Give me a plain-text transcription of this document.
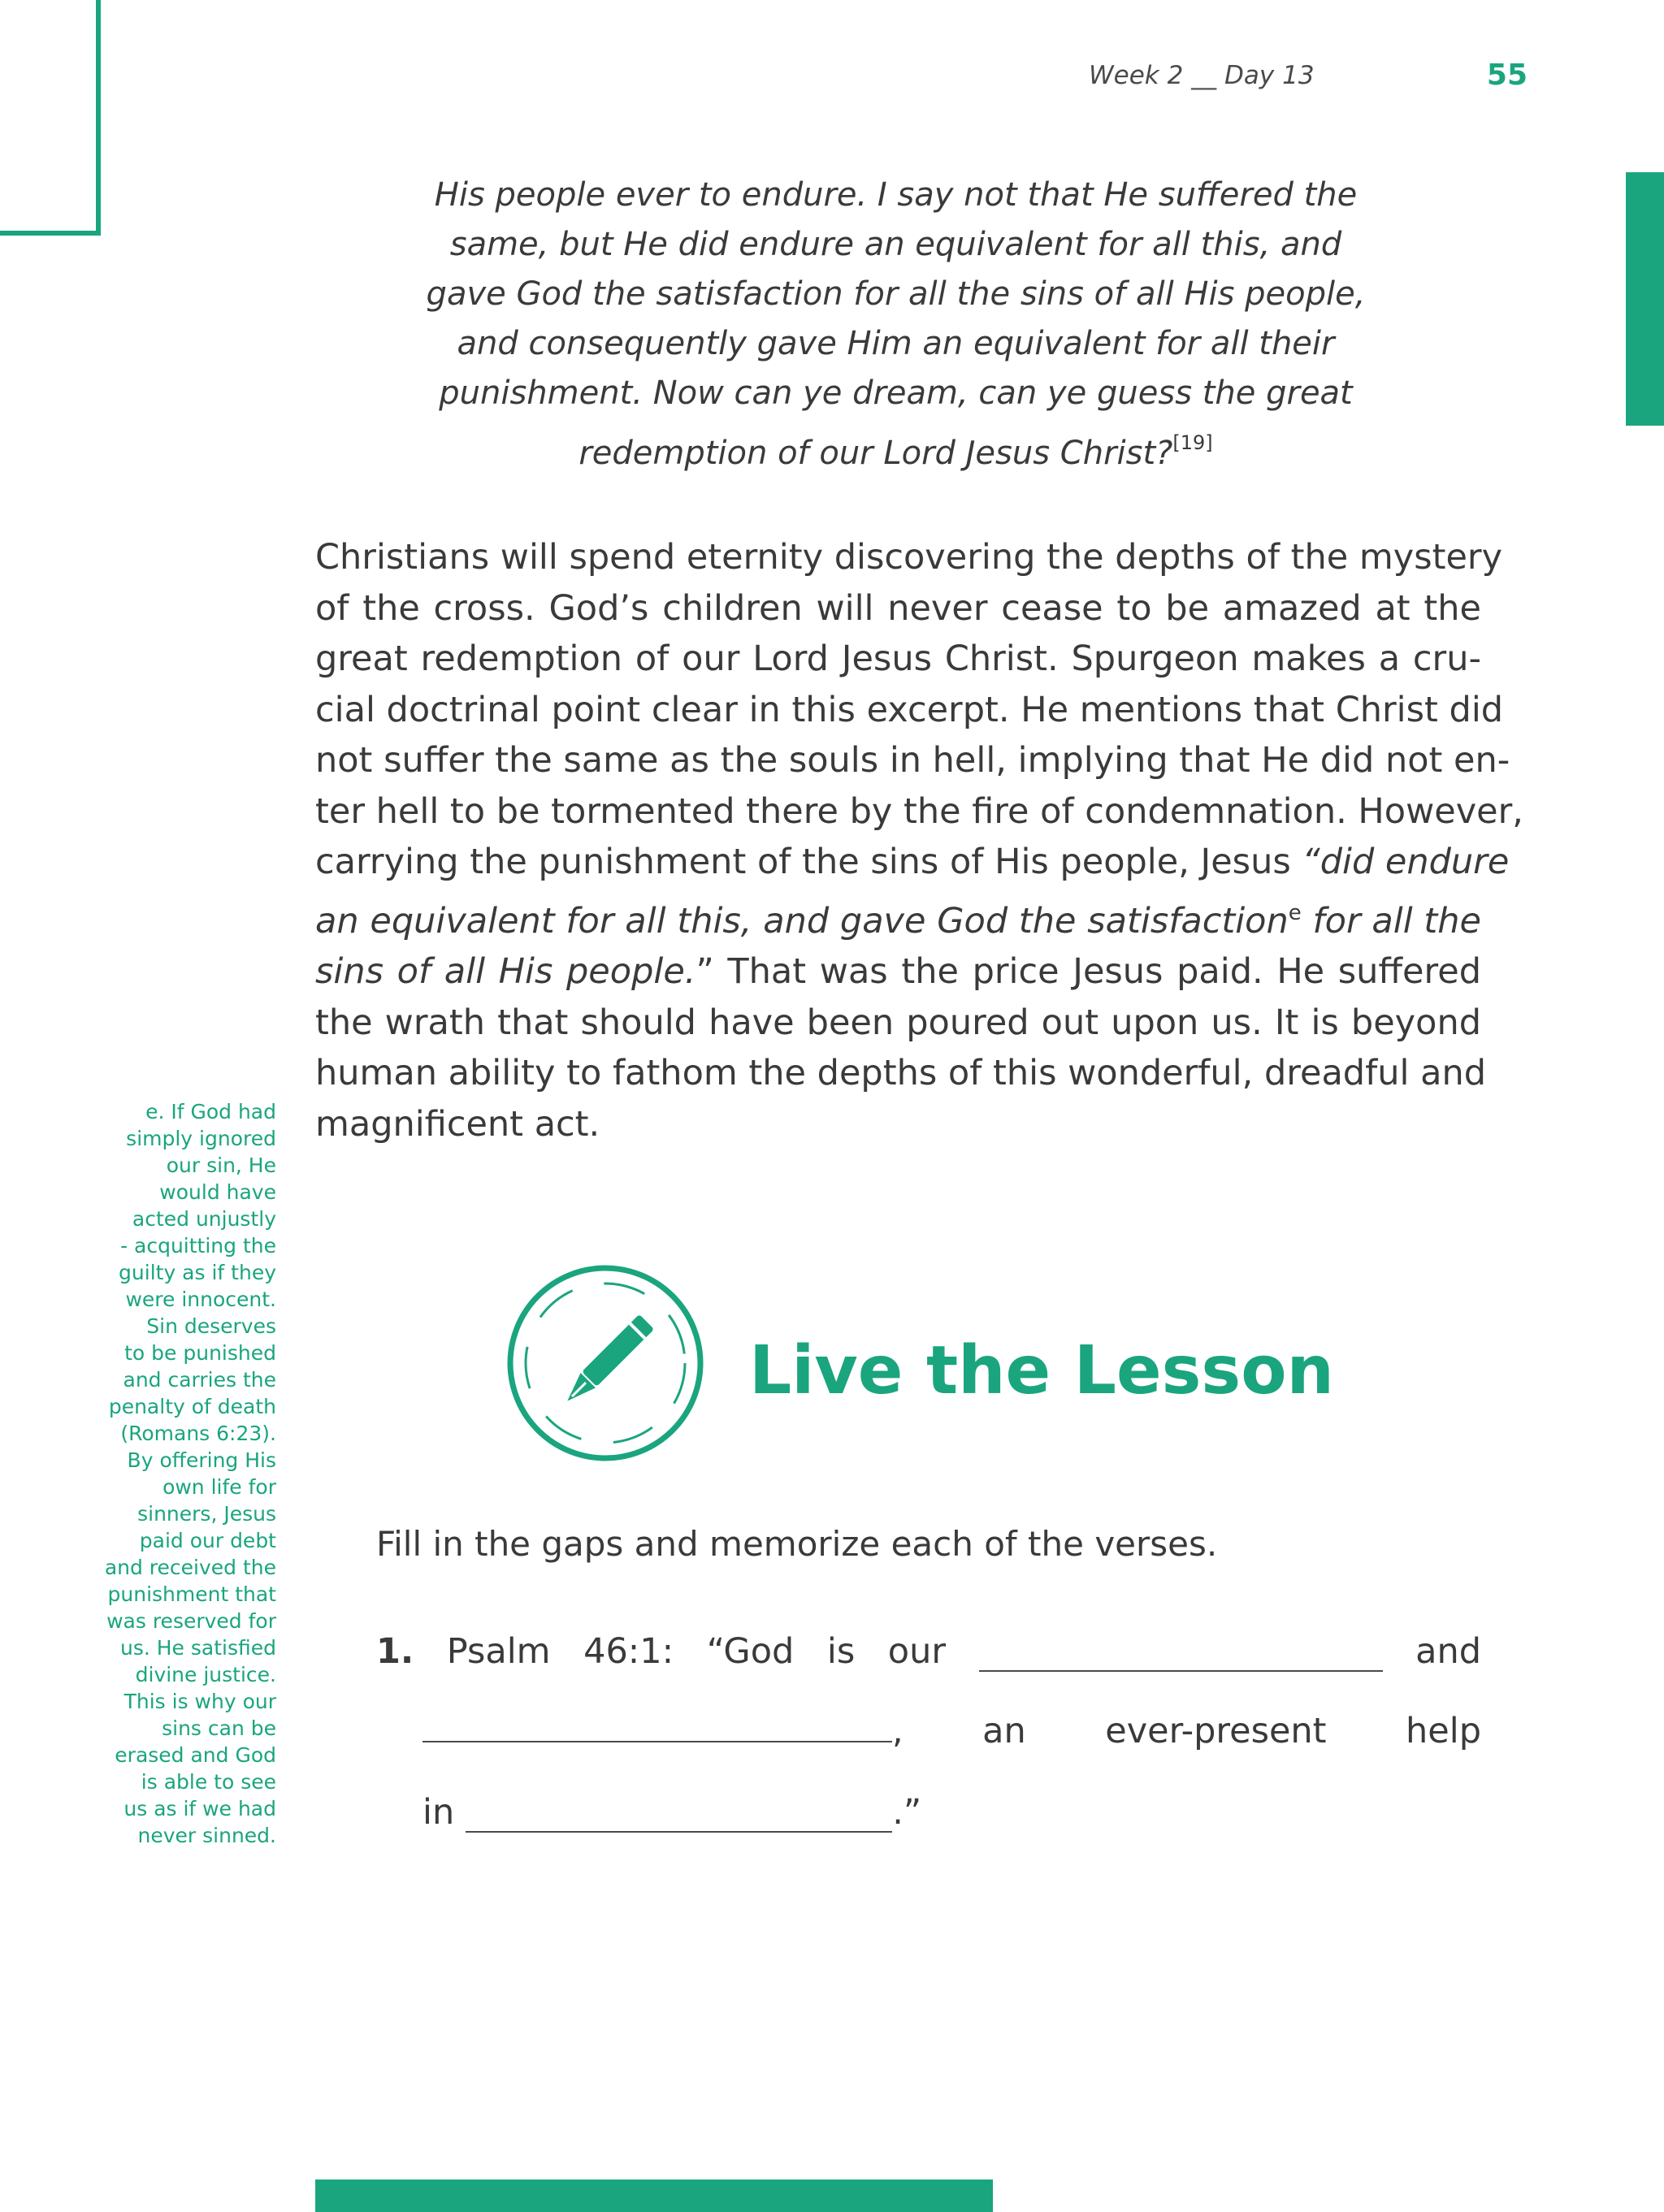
Week 2 __ Day 13	55
His people ever to endure. I say not that He suffered the
same, but He did endure an equivalent for all this, and
gave God the satisfaction for all the sins of all His people,
and consequently gave Him an equivalent for all their
punishment. Now can ye dream, can ye guess the great
redemption of our Lord Jesus Christ?[19]
Christians will spend eternity discovering the depths of the mystery
of the cross. God’s children will never cease to be amazed at the
great redemption of our Lord Jesus Christ. Spurgeon makes a cru-
cial doctrinal point clear in this excerpt. He mentions that Christ did
not suffer the same as the souls in hell, implying that He did not en-
ter hell to be tormented there by the fire of condemnation. However,
carrying the punishment of the sins of His people, Jesus “did endure
an equivalent for all this, and gave God the satisfaction$^e$ for all the
sins of all His people.” That was the price Jesus paid. He suffered
the wrath that should have been poured out upon us. It is beyond
human ability to fathom the depths of this wonderful, dreadful and
magnificent act.
e. If God had
simply ignored
our sin, He
would have
acted unjustly
- acquitting the
guilty as if they
were innocent.
Sin deserves
to be punished
and carries the
penalty of death
(Romans 6:23).
By offering His
own life for
sinners, Jesus
paid our debt
and received the
punishment that
was reserved for
us. He satisfied
divine justice.
This is why our
sins can be
erased and God
is able to see
us as if we had
never sinned.
Live the Lesson
Fill in the gaps and memorize each of the verses.
1. Psalm 46:1: “God is our	and
, an ever-present help
in	.”
